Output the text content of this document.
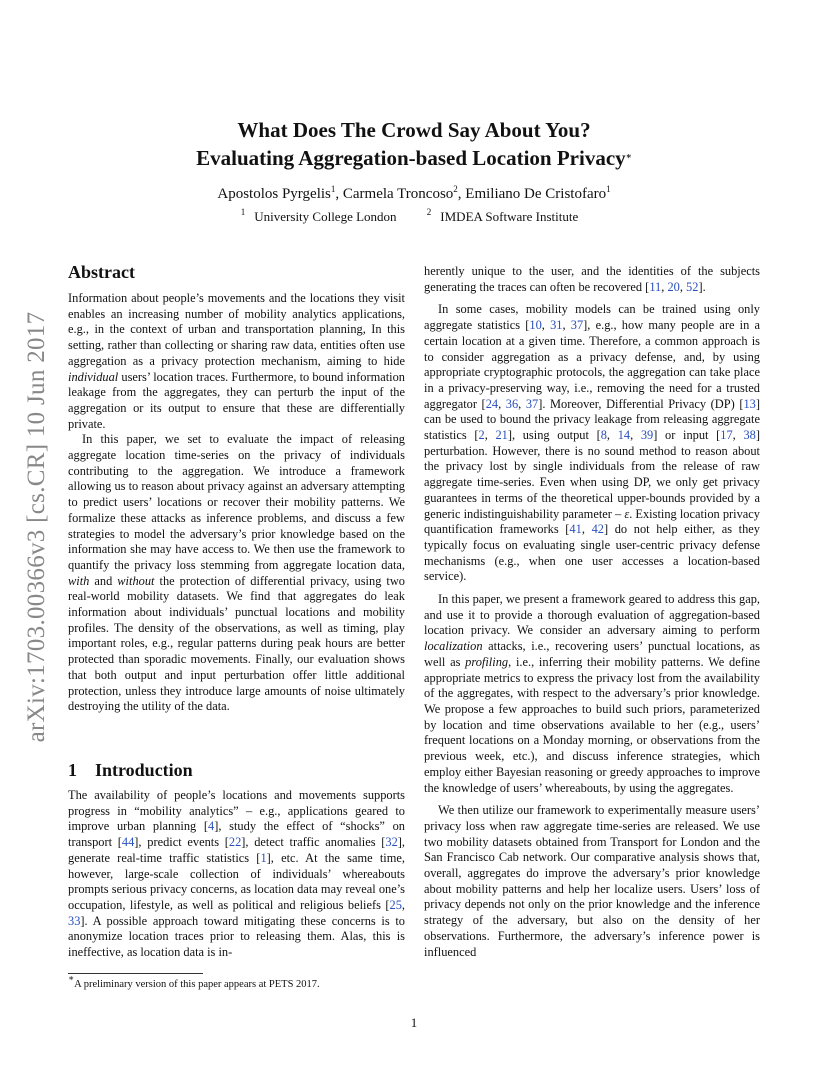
arXiv:1703.00366v3 [cs.CR] 10 Jun 2017
What Does The Crowd Say About You?
Evaluating Aggregation-based Location Privacy∗
Apostolos Pyrgelis$^1$, Carmela Troncoso$^2$, Emiliano De Cristofaro$^1$
$^1$ University College London	$^2$ IMDEA Software Institute
Abstract

Information about people’s movements and the locations they visit enables an increasing number of mobility analytics applications, e.g., in the context of urban and transportation planning, In this setting, rather than collecting or sharing raw data, entities often use aggregation as a privacy protection mechanism, aiming to hide individual users’ location traces. Furthermore, to bound information leakage from the aggregates, they can perturb the input of the aggregation or its output to ensure that these are differentially private.

In this paper, we set to evaluate the impact of releasing aggregate location time-series on the privacy of individuals contributing to the aggregation. We introduce a framework allowing us to reason about privacy against an adversary attempting to predict users’ locations or recover their mobility patterns. We formalize these attacks as inference problems, and discuss a few strategies to model the adversary’s prior knowledge based on the information she may have access to. We then use the framework to quantify the privacy loss stemming from aggregate location data, with and without the protection of differential privacy, using two real-world mobility datasets. We find that aggregates do leak information about individuals’ punctual locations and mobility profiles. The density of the observations, as well as timing, play important roles, e.g., regular patterns during peak hours are better protected than sporadic movements. Finally, our evaluation shows that both output and input perturbation offer little additional protection, unless they introduce large amounts of noise ultimately destroying the utility of the data.

1 Introduction

The availability of people’s locations and movements supports progress in “mobility analytics” – e.g., applications geared to improve urban planning [4], study the effect of “shocks” on transport [44], predict events [22], detect traffic anomalies [32], generate real-time traffic statistics [1], etc. At the same time, however, large-scale collection of individuals’ whereabouts prompts serious privacy concerns, as location data may reveal one’s occupation, lifestyle, as well as political and religious beliefs [25, 33]. A possible approach toward mitigating these concerns is to anonymize location traces prior to releasing them. Alas, this is ineffective, as location data is in-

herently unique to the user, and the identities of the subjects generating the traces can often be recovered [11, 20, 52].

In some cases, mobility models can be trained using only aggregate statistics [10, 31, 37], e.g., how many people are in a certain location at a given time. Therefore, a common approach is to consider aggregation as a privacy defense, and, by using appropriate cryptographic protocols, the aggregation can take place in a privacy-preserving way, i.e., removing the need for a trusted aggregator [24, 36, 37]. Moreover, Differential Privacy (DP) [13] can be used to bound the privacy leakage from releasing aggregate statistics [2, 21], using output [8, 14, 39] or input [17, 38] perturbation. However, there is no sound method to reason about the privacy lost by single individuals from the release of raw aggregate time-series. Even when using DP, we only get privacy guarantees in terms of the theoretical upper-bounds provided by a generic indistinguishability parameter – ε. Existing location privacy quantification frameworks [41, 42] do not help either, as they typically focus on evaluating single user-centric privacy defense mechanisms (e.g., when one user accesses a location-based service).

In this paper, we present a framework geared to address this gap, and use it to provide a thorough evaluation of aggregation-based location privacy. We consider an adversary aiming to perform localization attacks, i.e., recovering users’ punctual locations, as well as profiling, i.e., inferring their mobility patterns. We define appropriate metrics to express the privacy lost from the availability of the aggregates, with respect to the adversary’s prior knowledge. We propose a few approaches to build such priors, parameterized by location and time observations available to her (e.g., users’ frequent locations on a Monday morning, or observations from the previous week, etc.), and discuss inference strategies, which employ either Bayesian reasoning or greedy approaches to improve the knowledge of users’ whereabouts, by using the aggregates.

We then utilize our framework to experimentally measure users’ privacy loss when raw aggregate time-series are released. We use two mobility datasets obtained from Transport for London and the San Francisco Cab network. Our comparative analysis shows that, overall, aggregates do improve the adversary’s prior knowledge about mobility patterns and help her localize users. Users’ loss of privacy depends not only on the prior knowledge and the inference strategy of the adversary, but also on the density of her observations. Furthermore, the adversary’s inference power is influenced

∗A preliminary version of this paper appears at PETS 2017.
1
